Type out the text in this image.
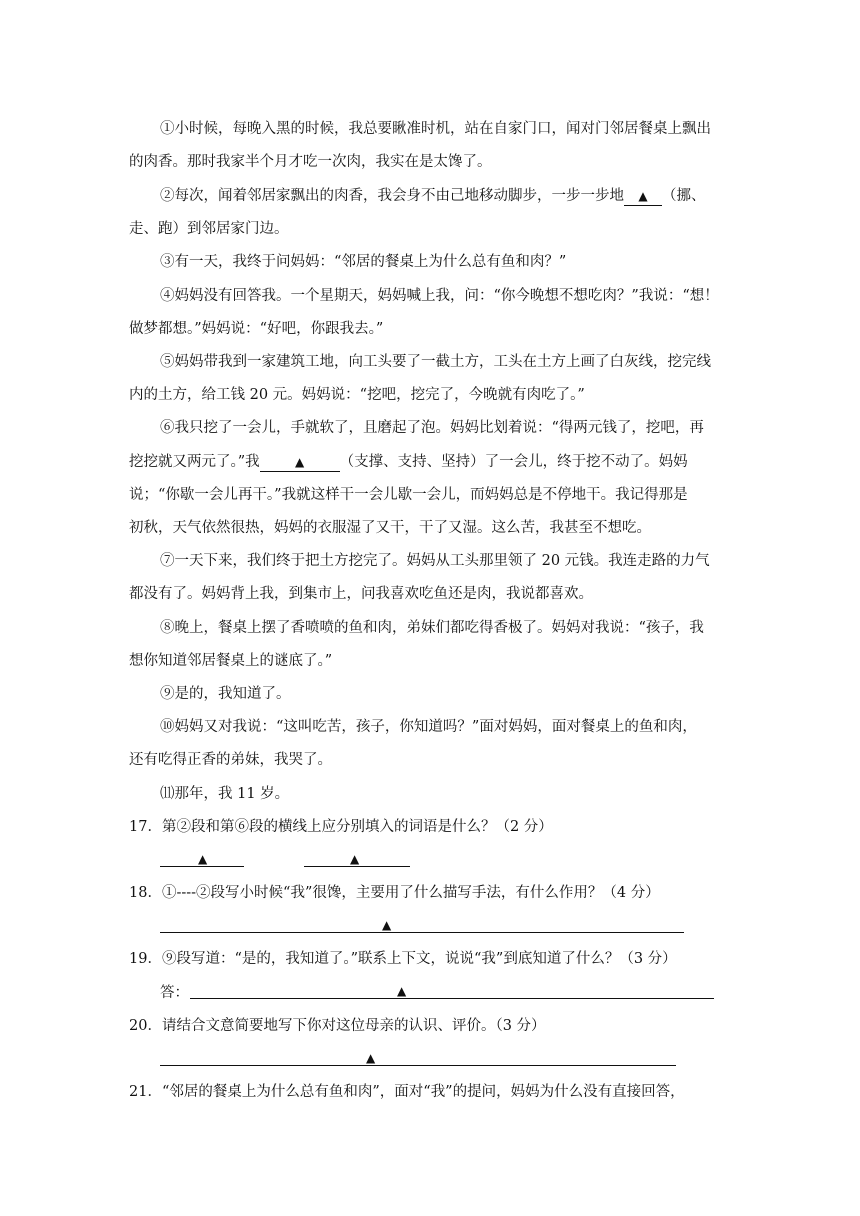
①小时候，每晚入黑的时候，我总要瞅准时机，站在自家门口，闻对门邻居餐桌上飘出
的肉香。那时我家半个月才吃一次肉，我实在是太馋了。
②每次，闻着邻居家飘出的肉香，我会身不由己地移动脚步，一步一步地 ▲ （挪、
走、跑）到邻居家门边。
③有一天，我终于问妈妈：“邻居的餐桌上为什么总有鱼和肉？”
④妈妈没有回答我。一个星期天，妈妈喊上我，问：“你今晚想不想吃肉？”我说：“想！
做梦都想。”妈妈说：“好吧，你跟我去。”
⑤妈妈带我到一家建筑工地，向工头要了一截土方，工头在土方上画了白灰线，挖完线
内的土方，给工钱 20 元。妈妈说：“挖吧，挖完了，今晚就有肉吃了。”
⑥我只挖了一会儿，手就软了，且磨起了泡。妈妈比划着说：“得两元钱了，挖吧，再
挖挖就又两元了。”我	▲ （支撑、支持、坚持）了一会儿，终于挖不动了。妈妈
说；“你歇一会儿再干。”我就这样干一会儿歇一会儿，而妈妈总是不停地干。我记得那是
初秋，天气依然很热，妈妈的衣服湿了又干，干了又湿。这么苦，我甚至不想吃。
⑦一天下来，我们终于把土方挖完了。妈妈从工头那里领了 20 元钱。我连走路的力气
都没有了。妈妈背上我，到集市上，问我喜欢吃鱼还是肉，我说都喜欢。
⑧晚上，餐桌上摆了香喷喷的鱼和肉，弟妹们都吃得香极了。妈妈对我说：“孩子，我
想你知道邻居餐桌上的谜底了。”
⑨是的，我知道了。
⑩妈妈又对我说：“这叫吃苦，孩子，你知道吗？”面对妈妈，面对餐桌上的鱼和肉，
还有吃得正香的弟妹，我哭了。
⑾那年，我 11 岁。
17．第②段和第⑥段的横线上应分别填入的词语是什么？（2 分）
▲	▲
18．①----②段写小时候“我”很馋，主要用了什么描写手法，有什么作用？（4 分）
▲
19．⑨段写道：“是的，我知道了。”联系上下文，说说“我”到底知道了什么？（3 分）
答：	▲
20．请结合文意简要地写下你对这位母亲的认识、评价。（3 分）
▲
21．“邻居的餐桌上为什么总有鱼和肉”，面对“我”的提问，妈妈为什么没有直接回答，
